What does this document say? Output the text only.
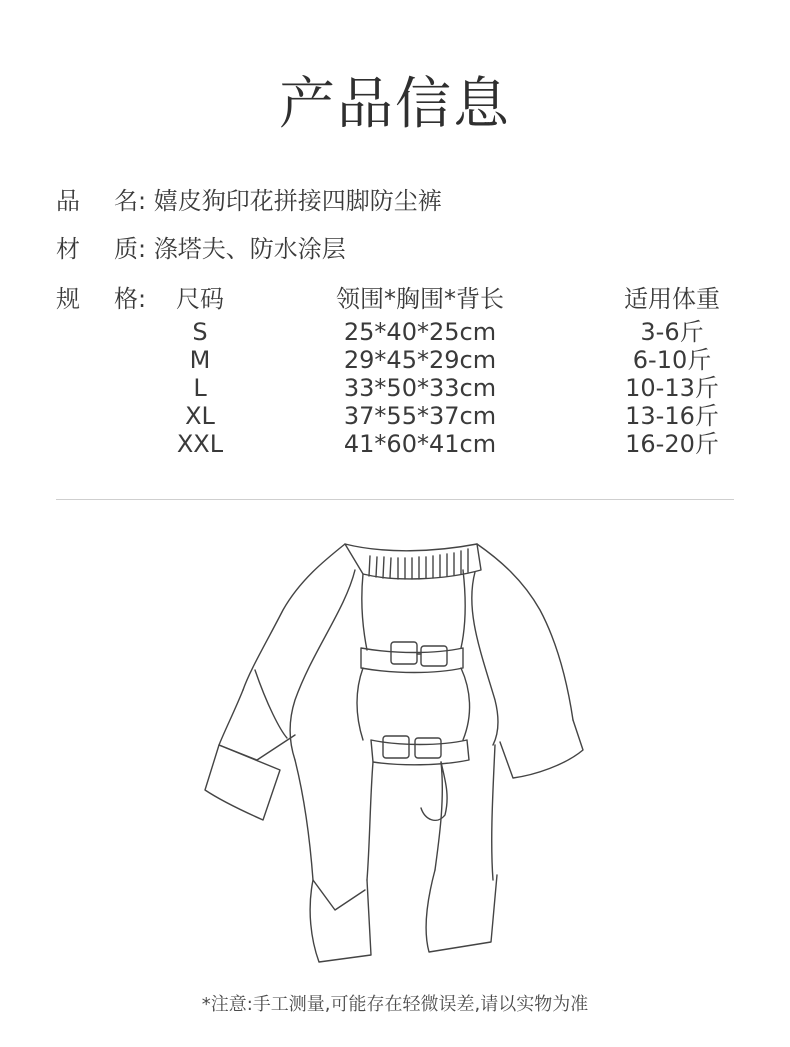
产品信息
品 名: 嬉皮狗印花拼接四脚防尘裤
材 质: 涤塔夫、防水涂层
规 格: 尺码
S
M
L
XL
XXL
领围*胸围*背长
25*40*25cm
29*45*29cm
33*50*33cm
37*55*37cm
41*60*41cm
适用体重
3-6斤
6-10斤
10-13斤
13-16斤
16-20斤
*注意:手工测量,可能存在轻微误差,请以实物为准
